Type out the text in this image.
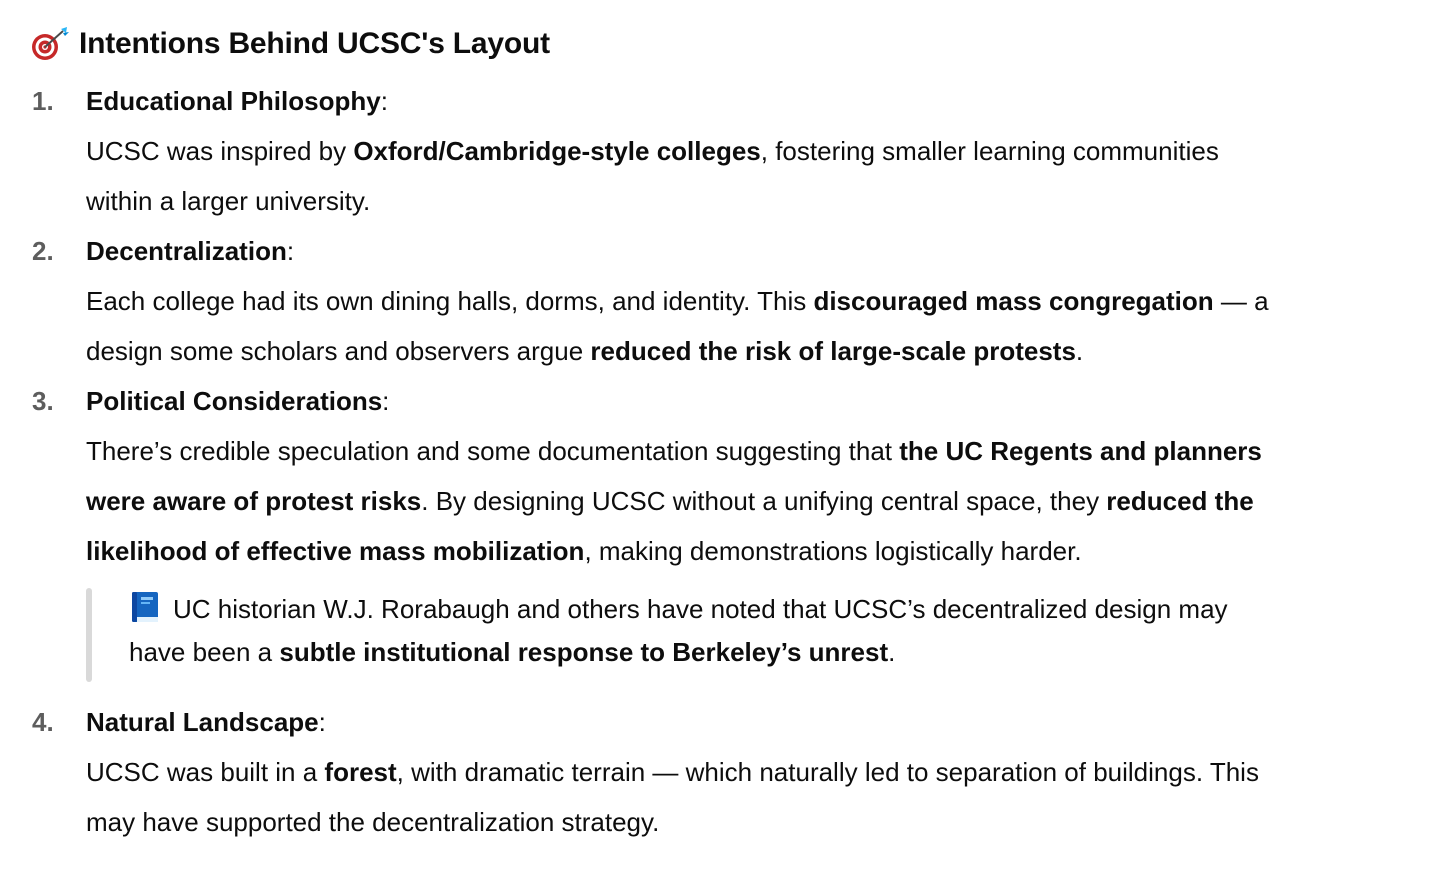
Intentions Behind UCSC's Layout
1. Educational Philosophy:
UCSC was inspired by Oxford/Cambridge-style colleges, fostering smaller learning communities
within a larger university.
2. Decentralization:
Each college had its own dining halls, dorms, and identity. This discouraged mass congregation — a
design some scholars and observers argue reduced the risk of large-scale protests.
3. Political Considerations:
There’s credible speculation and some documentation suggesting that the UC Regents and planners
were aware of protest risks. By designing UCSC without a unifying central space, they reduced the
likelihood of effective mass mobilization, making demonstrations logistically harder.
UC historian W.J. Rorabaugh and others have noted that UCSC’s decentralized design may
have been a subtle institutional response to Berkeley’s unrest.
4. Natural Landscape:
UCSC was built in a forest, with dramatic terrain — which naturally led to separation of buildings. This
may have supported the decentralization strategy.
